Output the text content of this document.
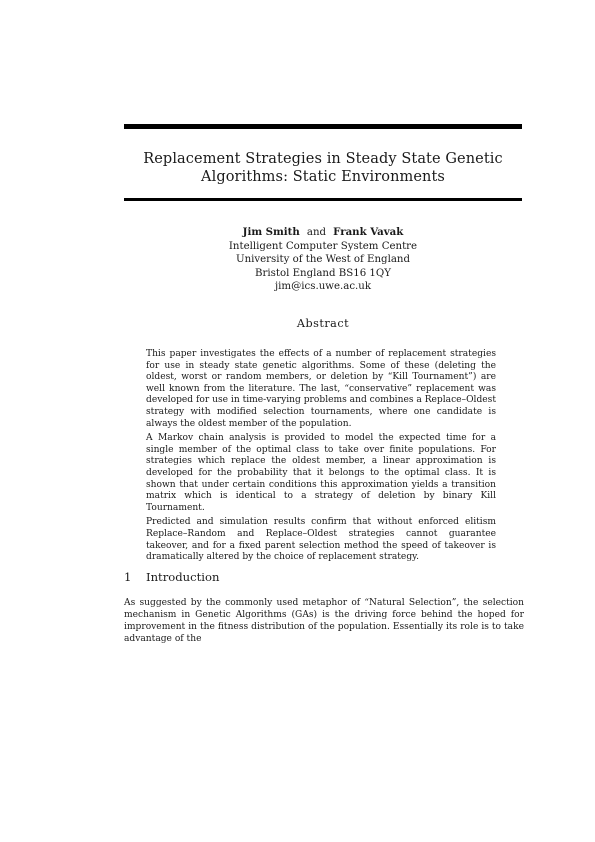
Replacement Strategies in Steady State Genetic
Algorithms: Static Environments
Jim Smith and Frank Vavak
Intelligent Computer System Centre
University of the West of England
Bristol England BS16 1QY
jim@ics.uwe.ac.uk
Abstract

This paper investigates the effects of a number of replacement strategies for use in steady state genetic algorithms. Some of these (deleting the oldest, worst or random members, or deletion by “Kill Tournament”) are well known from the literature. The last, “conservative” replacement was developed for use in time-varying problems and combines a Replace–Oldest strategy with modified selection tournaments, where one candidate is always the oldest member of the population.

A Markov chain analysis is provided to model the expected time for a single member of the optimal class to take over finite populations. For strategies which replace the oldest member, a linear approximation is developed for the probability that it belongs to the optimal class. It is shown that under certain conditions this approximation yields a transition matrix which is identical to a strategy of deletion by binary Kill Tournament.

Predicted and simulation results confirm that without enforced elitism Replace–Random and Replace–Oldest strategies cannot guarantee takeover, and for a fixed parent selection method the speed of takeover is dramatically altered by the choice of replacement strategy.

1 Introduction

As suggested by the commonly used metaphor of “Natural Selection”, the selection mechanism in Genetic Algorithms (GAs) is the driving force behind the hoped for improvement in the fitness distribution of the population. Essentially its role is to take advantage of the
